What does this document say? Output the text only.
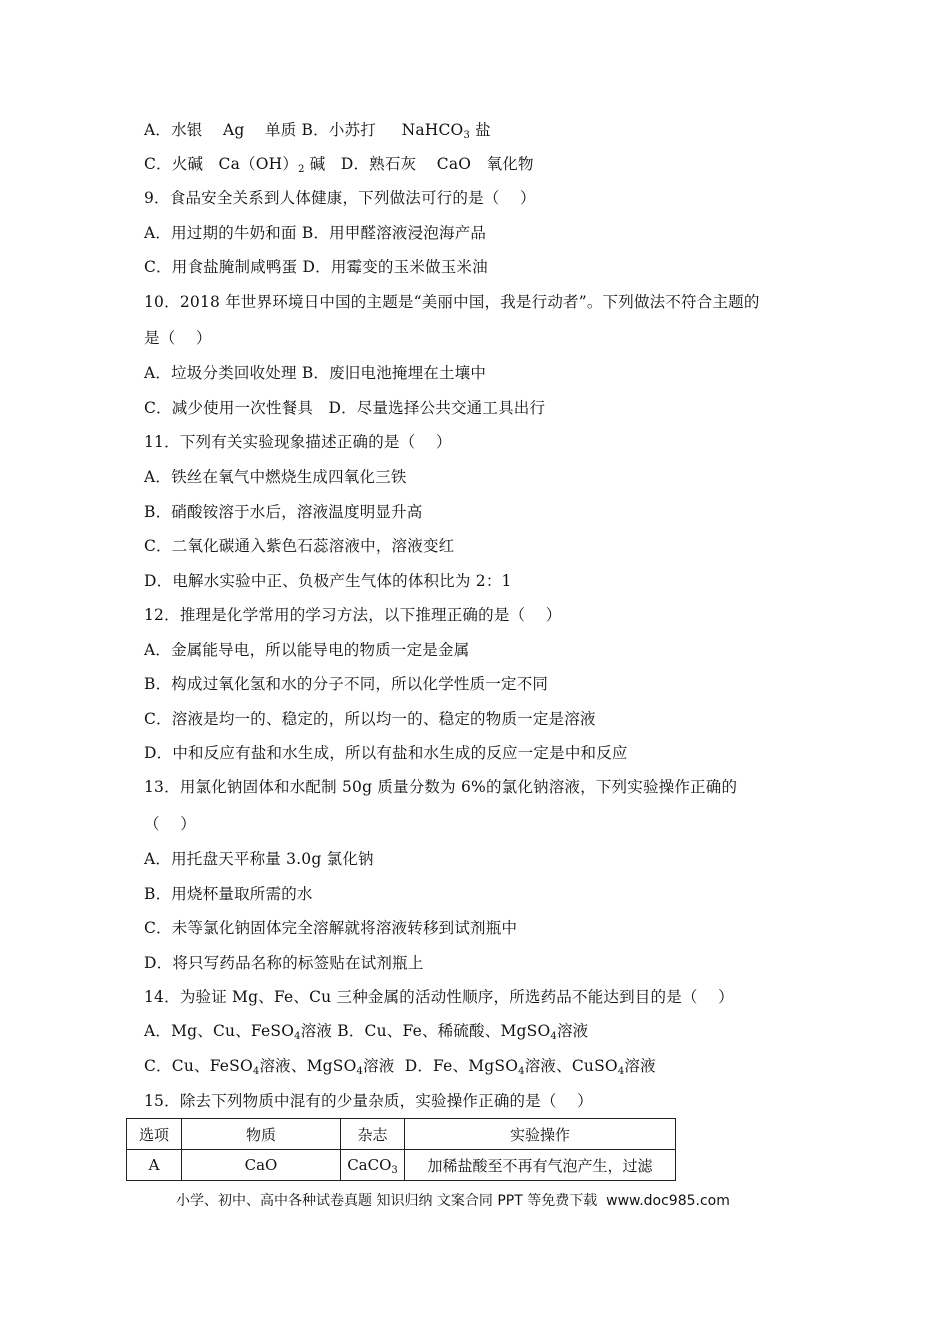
A．水银    Ag    单质 B．小苏打     NaHCO$_3$ 盐
C．火碱   $Ca(OH)_2$ 碱   D．熟石灰    CaO   氧化物
9．食品安全关系到人体健康，下列做法可行的是（    ）
A．用过期的牛奶和面 B．用甲醛溶液浸泡海产品
C．用食盐腌制咸鸭蛋 D．用霉变的玉米做玉米油
10．2018 年世界环境日中国的主题是“美丽中国，我是行动者”。下列做法不符合主题的
是（    ）
A．垃圾分类回收处理 B．废旧电池掩埋在土壤中
C．减少使用一次性餐具   D．尽量选择公共交通工具出行
11．下列有关实验现象描述正确的是（    ）
A．铁丝在氧气中燃烧生成四氧化三铁
B．硝酸铵溶于水后，溶液温度明显升高
C．二氧化碳通入紫色石蕊溶液中，溶液变红
D．电解水实验中正、负极产生气体的体积比为 2：1
12．推理是化学常用的学习方法，以下推理正确的是（    ）
A．金属能导电，所以能导电的物质一定是金属
B．构成过氧化氢和水的分子不同，所以化学性质一定不同
C．溶液是均一的、稳定的，所以均一的、稳定的物质一定是溶液
D．中和反应有盐和水生成，所以有盐和水生成的反应一定是中和反应
13．用氯化钠固体和水配制 50g 质量分数为 6%的氯化钠溶液，下列实验操作正确的
（    ）
A．用托盘天平称量 3.0g 氯化钠
B．用烧杯量取所需的水
C．未等氯化钠固体完全溶解就将溶液转移到试剂瓶中
D．将只写药品名称的标签贴在试剂瓶上
14．为验证 Mg、Fe、Cu 三种金属的活动性顺序，所选药品不能达到目的是（    ）
A．Mg、Cu、FeSO$_4$溶液 B．Cu、Fe、稀硫酸、MgSO$_4$溶液
C．Cu、FeSO$_4$溶液、MgSO$_4$溶液  D．Fe、MgSO$_4$溶液、CuSO$_4$溶液
15．除去下列物质中混有的少量杂质，实验操作正确的是（    ）
选项	物质	杂志	实验操作
A	CaO	CaCO$_3$	加稀盐酸至不再有气泡产生，过滤
小学、初中、高中各种试卷真题 知识归纳 文案合同 PPT 等免费下载  www.doc985.com
